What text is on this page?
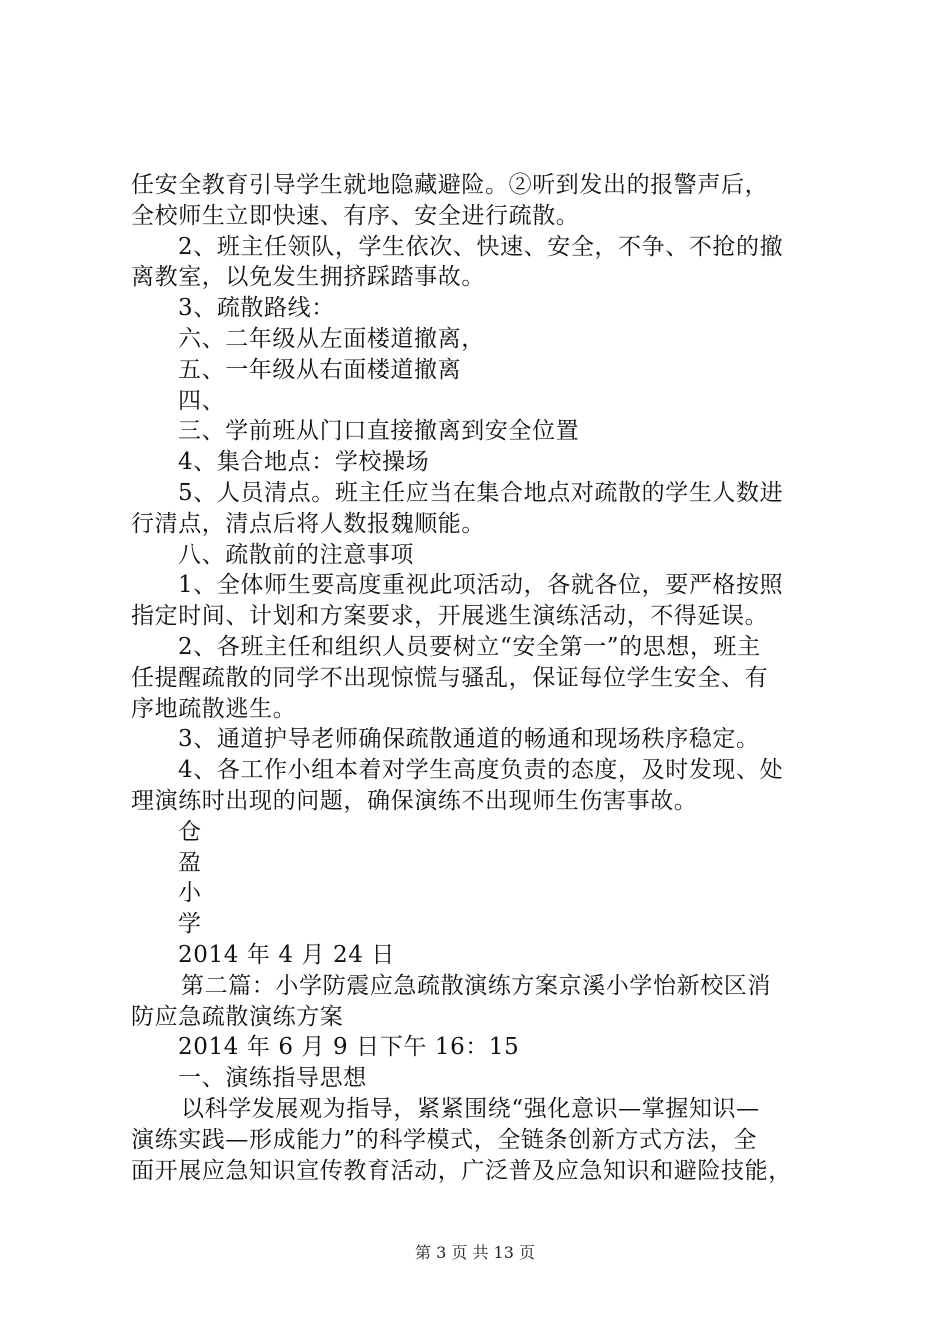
任安全教育引导学生就地隐藏避险。②听到发出的报警声后，
全校师生立即快速、有序、安全进行疏散。
2、班主任领队，学生依次、快速、安全，不争、不抢的撤
离教室，以免发生拥挤踩踏事故。
3、疏散路线：
六、二年级从左面楼道撤离，
五、一年级从右面楼道撤离
四、
三、学前班从门口直接撤离到安全位置
4、集合地点：学校操场
5、人员清点。班主任应当在集合地点对疏散的学生人数进
行清点，清点后将人数报魏顺能。
八、疏散前的注意事项
1、全体师生要高度重视此项活动，各就各位，要严格按照
指定时间、计划和方案要求，开展逃生演练活动，不得延误。
2、各班主任和组织人员要树立“安全第一”的思想，班主
任提醒疏散的同学不出现惊慌与骚乱，保证每位学生安全、有
序地疏散逃生。
3、通道护导老师确保疏散通道的畅通和现场秩序稳定。
4、各工作小组本着对学生高度负责的态度，及时发现、处
理演练时出现的问题，确保演练不出现师生伤害事故。
仓
盈
小
学
2014 年 4 月 24 日
第二篇：小学防震应急疏散演练方案京溪小学怡新校区消
防应急疏散演练方案
2014 年 6 月 9 日下午 16：15
一、演练指导思想
以科学发展观为指导，紧紧围绕“强化意识—掌握知识—
演练实践—形成能力”的科学模式，全链条创新方式方法，全
面开展应急知识宣传教育活动，广泛普及应急知识和避险技能，
第 3 页 共 13 页
